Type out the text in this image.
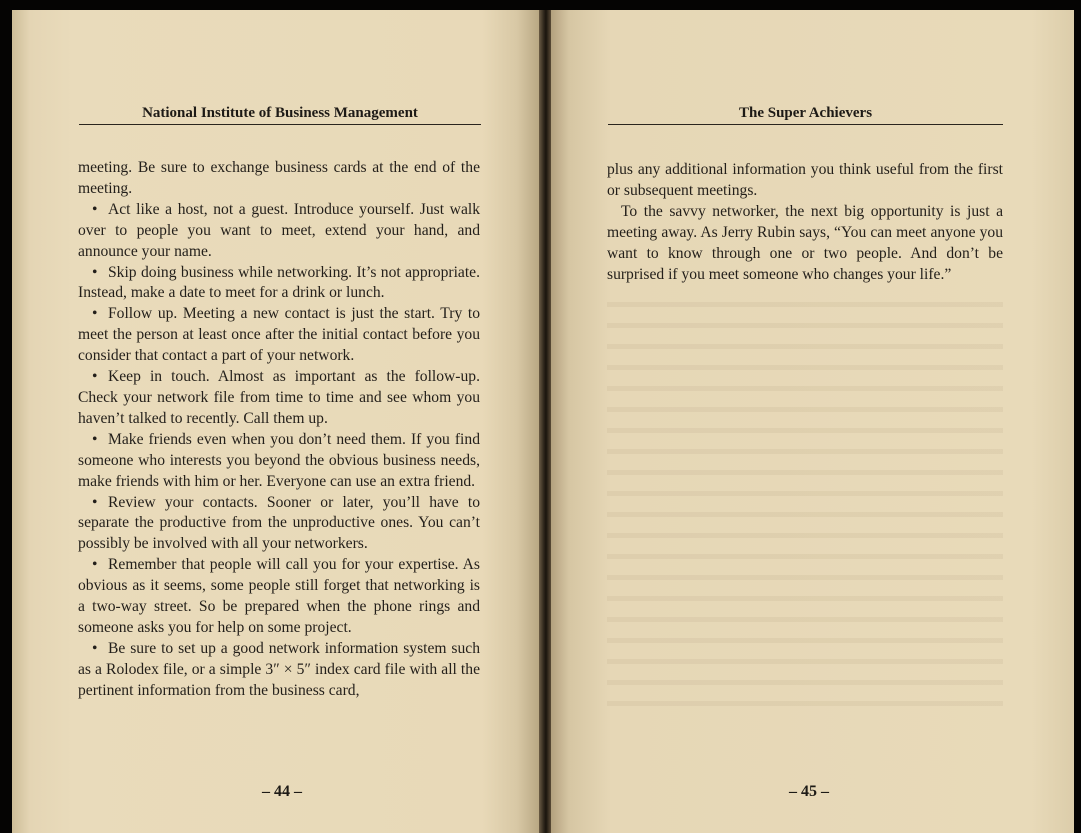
National Institute of Business Management

meeting. Be sure to exchange business cards at the end of the meeting.

• Act like a host, not a guest. Introduce yourself. Just walk over to people you want to meet, extend your hand, and announce your name.

• Skip doing business while networking. It’s not appropriate. Instead, make a date to meet for a drink or lunch.

• Follow up. Meeting a new contact is just the start. Try to meet the person at least once after the initial contact before you consider that contact a part of your network.

• Keep in touch. Almost as important as the follow-up. Check your network file from time to time and see whom you haven’t talked to recently. Call them up.

• Make friends even when you don’t need them. If you find someone who interests you beyond the obvious business needs, make friends with him or her. Everyone can use an extra friend.

• Review your contacts. Sooner or later, you’ll have to separate the productive from the unproductive ones. You can’t possibly be involved with all your networkers.

• Remember that people will call you for your expertise. As obvious as it seems, some people still forget that networking is a two-way street. So be prepared when the phone rings and someone asks you for help on some project.

• Be sure to set up a good network information system such as a Rolodex file, or a simple 3″ × 5″ index card file with all the pertinent information from the business card,

– 44 –
The Super Achievers

plus any additional information you think useful from the first or subsequent meetings.

To the savvy networker, the next big opportunity is just a meeting away. As Jerry Rubin says, “You can meet anyone you want to know through one or two people. And don’t be surprised if you meet someone who changes your life.”

– 45 –
